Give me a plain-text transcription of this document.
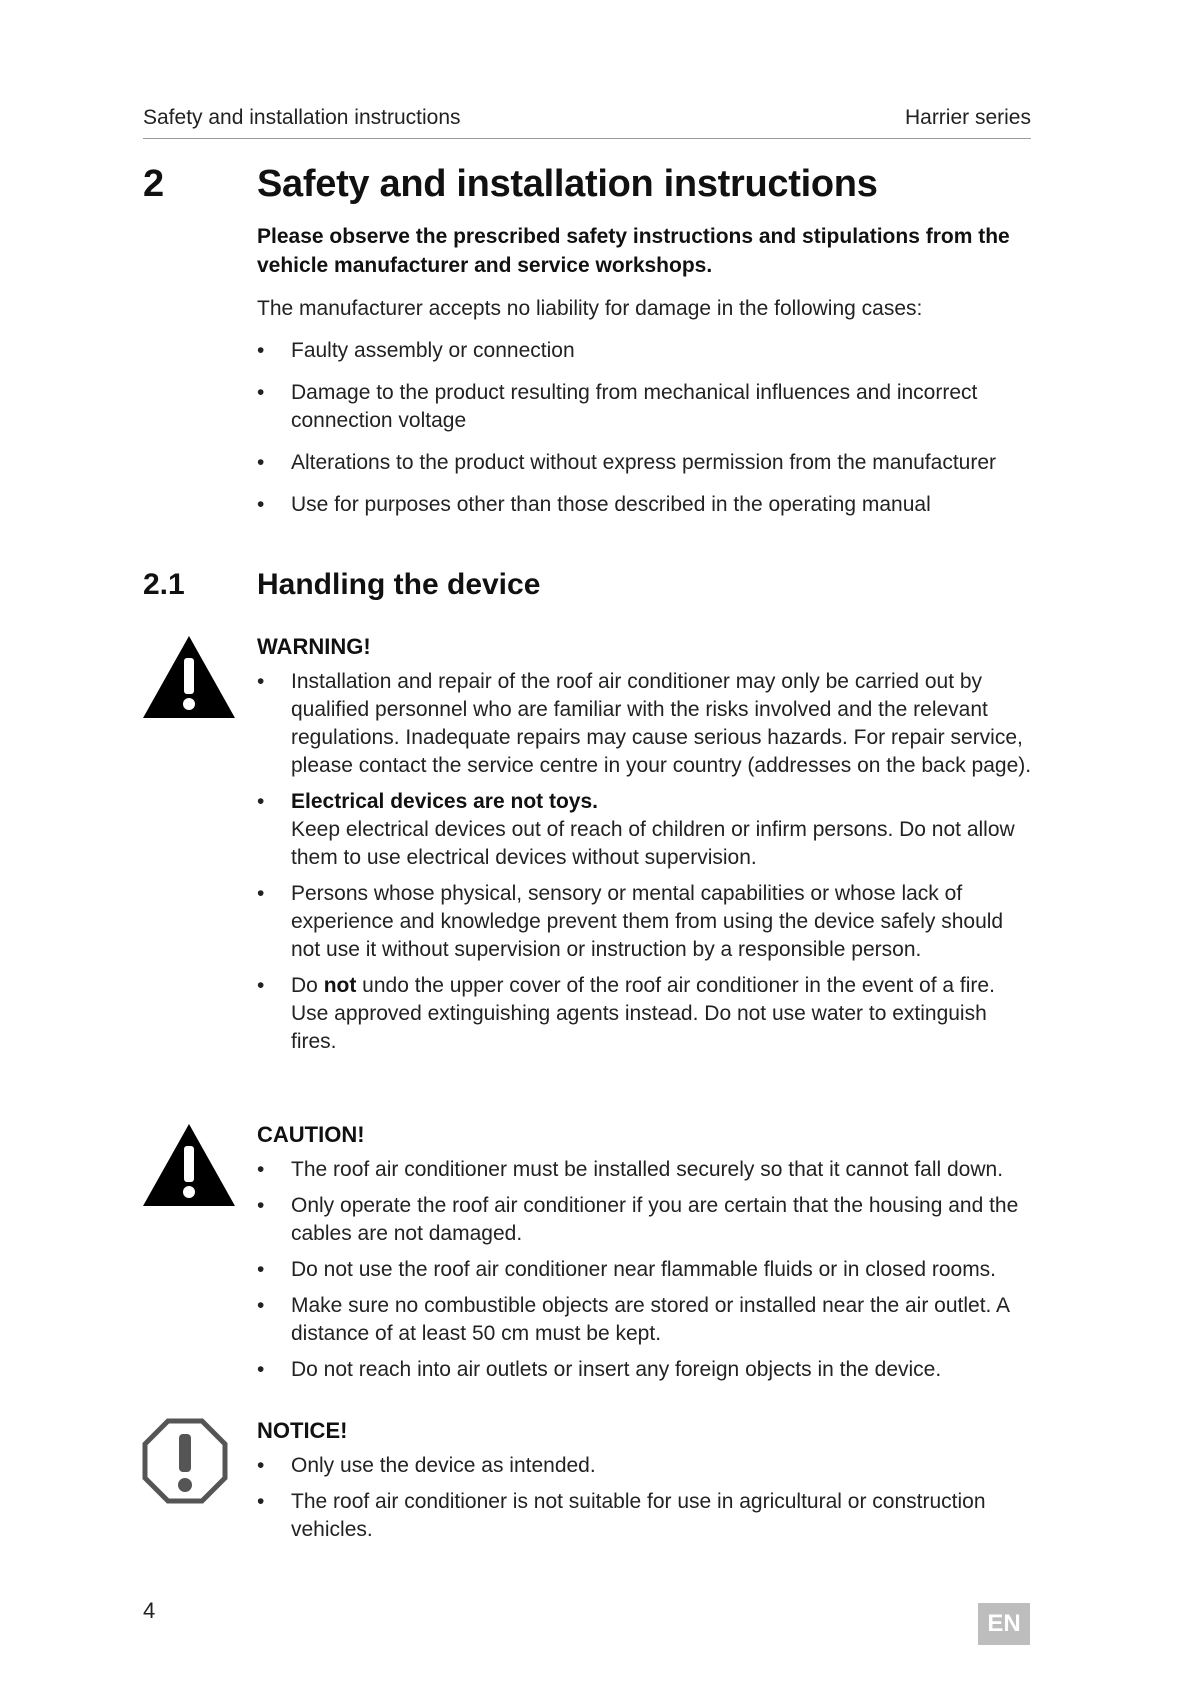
Safety and installation instructions	Harrier series
2 Safety and installation instructions
Please observe the prescribed safety instructions and stipulations from the vehicle manufacturer and service workshops.
The manufacturer accepts no liability for damage in the following cases:
• Faulty assembly or connection
• Damage to the product resulting from mechanical influences and incorrect connection voltage
• Alterations to the product without express permission from the manufacturer
• Use for purposes other than those described in the operating manual
2.1 Handling the device
WARNING!
• Installation and repair of the roof air conditioner may only be carried out by qualified personnel who are familiar with the risks involved and the relevant regulations. Inadequate repairs may cause serious hazards. For repair service, please contact the service centre in your country (addresses on the back page).
• Electrical devices are not toys.
Keep electrical devices out of reach of children or infirm persons. Do not allow them to use electrical devices without supervision.
• Persons whose physical, sensory or mental capabilities or whose lack of experience and knowledge prevent them from using the device safely should not use it without supervision or instruction by a responsible person.
• Do not undo the upper cover of the roof air conditioner in the event of a fire. Use approved extinguishing agents instead. Do not use water to extinguish fires.
CAUTION!
• The roof air conditioner must be installed securely so that it cannot fall down.
• Only operate the roof air conditioner if you are certain that the housing and the cables are not damaged.
• Do not use the roof air conditioner near flammable fluids or in closed rooms.
• Make sure no combustible objects are stored or installed near the air outlet. A distance of at least 50 cm must be kept.
• Do not reach into air outlets or insert any foreign objects in the device.
NOTICE!
• Only use the device as intended.
• The roof air conditioner is not suitable for use in agricultural or construction vehicles.
4	EN
